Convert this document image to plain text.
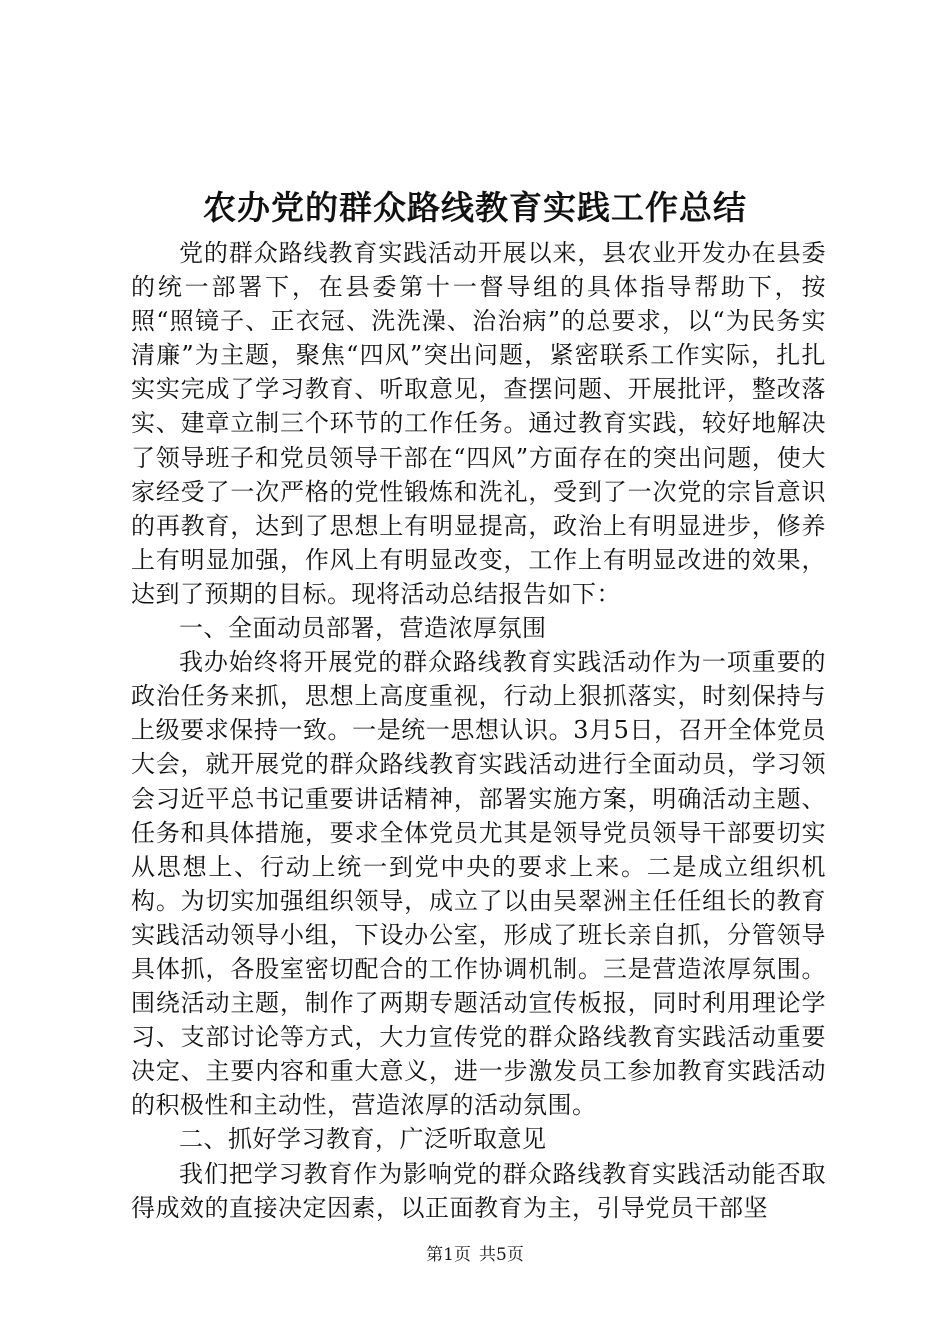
农办党的群众路线教育实践工作总结

党的群众路线教育实践活动开展以来，县农业开发办在县委的统一部署下，在县委第十一督导组的具体指导帮助下，按照“照镜子、正衣冠、洗洗澡、治治病”的总要求，以“为民务实清廉”为主题，聚焦“四风”突出问题，紧密联系工作实际，扎扎实实完成了学习教育、听取意见，查摆问题、开展批评，整改落实、建章立制三个环节的工作任务。通过教育实践，较好地解决了领导班子和党员领导干部在“四风”方面存在的突出问题，使大家经受了一次严格的党性锻炼和洗礼，受到了一次党的宗旨意识的再教育，达到了思想上有明显提高，政治上有明显进步，修养上有明显加强，作风上有明显改变，工作上有明显改进的效果，达到了预期的目标。现将活动总结报告如下：

一、全面动员部署，营造浓厚氛围

我办始终将开展党的群众路线教育实践活动作为一项重要的政治任务来抓，思想上高度重视，行动上狠抓落实，时刻保持与上级要求保持一致。一是统一思想认识。3月5日，召开全体党员大会，就开展党的群众路线教育实践活动进行全面动员，学习领会习近平总书记重要讲话精神，部署实施方案，明确活动主题、任务和具体措施，要求全体党员尤其是领导党员领导干部要切实从思想上、行动上统一到党中央的要求上来。二是成立组织机构。为切实加强组织领导，成立了以由吴翠洲主任任组长的教育实践活动领导小组，下设办公室，形成了班长亲自抓，分管领导具体抓，各股室密切配合的工作协调机制。三是营造浓厚氛围。围绕活动主题，制作了两期专题活动宣传板报，同时利用理论学习、支部讨论等方式，大力宣传党的群众路线教育实践活动重要决定、主要内容和重大意义，进一步激发员工参加教育实践活动的积极性和主动性，营造浓厚的活动氛围。

二、抓好学习教育，广泛听取意见

我们把学习教育作为影响党的群众路线教育实践活动能否取得成效的直接决定因素，以正面教育为主，引导党员干部坚

第1页 共5页
